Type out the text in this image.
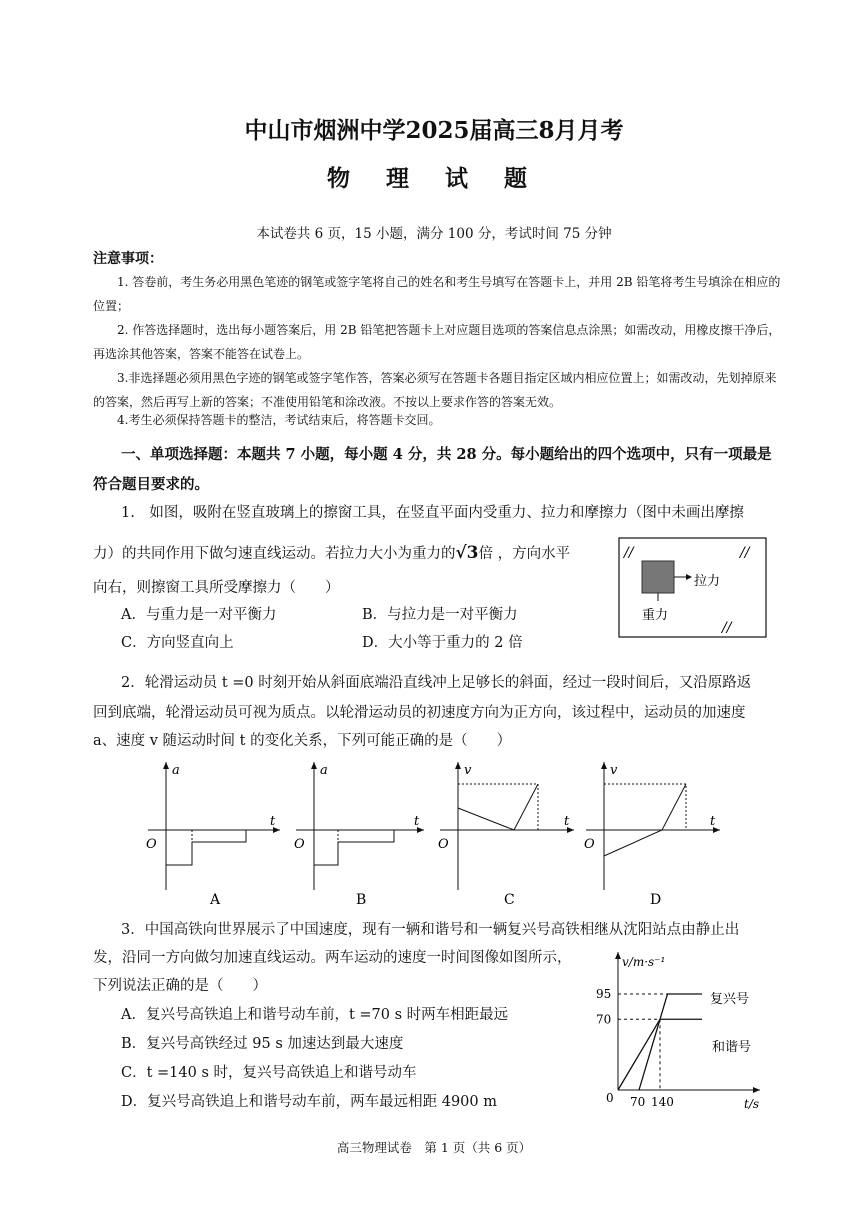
中山市烟洲中学2025届高三8月月考
物 理 试 题
本试卷共 6 页，15 小题，满分 100 分，考试时间 75 分钟
注意事项：
1. 答卷前，考生务必用黑色笔迹的钢笔或签字笔将自己的姓名和考生号填写在答题卡上，并用 2B 铅笔将考生号填涂在相应的位置；
2. 作答选择题时，选出每小题答案后，用 2B 铅笔把答题卡上对应题目选项的答案信息点涂黑；如需改动，用橡皮擦干净后，再选涂其他答案，答案不能答在试卷上。
3.非选择题必须用黑色字迹的钢笔或签字笔作答，答案必须写在答题卡各题目指定区域内相应位置上；如需改动，先划掉原来的答案，然后再写上新的答案；不准使用铅笔和涂改液。不按以上要求作答的答案无效。
4.考生必须保持答题卡的整洁，考试结束后，将答题卡交回。
一、单项选择题：本题共 7 小题，每小题 4 分，共 28 分。每小题给出的四个选项中，只有一项最是符合题目要求的。
1.　如图，吸附在竖直玻璃上的擦窗工具，在竖直平面内受重力、拉力和摩擦力（图中未画出摩擦
力）的共同作用下做匀速直线运动。若拉力大小为重力的√3倍 ，方向水平
向右，则擦窗工具所受摩擦力（　　）
A．与重力是一对平衡力	B．与拉力是一对平衡力
C．方向竖直向上	D．大小等于重力的 2 倍
//	//
//
拉力
重力
2．轮滑运动员 t =0 时刻开始从斜面底端沿直线冲上足够长的斜面，经过一段时间后，又沿原路返
回到底端，轮滑运动员可视为质点。以轮滑运动员的初速度方向为正方向，该过程中，运动员的加速度
a、速度 v 随运动时间 t 的变化关系，下列可能正确的是（　　）
a
t
O
A
a
t
O
B
v
t
O
C
v
t
O
D
3．中国高铁向世界展示了中国速度，现有一辆和谐号和一辆复兴号高铁相继从沈阳站点由静止出
发，沿同一方向做匀加速直线运动。两车运动的速度一时间图像如图所示，
下列说法正确的是（　　）
A．复兴号高铁追上和谐号动车前，t =70 s 时两车相距最远
B．复兴号高铁经过 95 s 加速达到最大速度
C．t =140 s 时，复兴号高铁追上和谐号动车
D．复兴号高铁追上和谐号动车前，两车最远相距 4900 m
v/m·s⁻¹
t/s
0
70
95
70 140
复兴号
和谐号
高三物理试卷　第 1 页（共 6 页）
